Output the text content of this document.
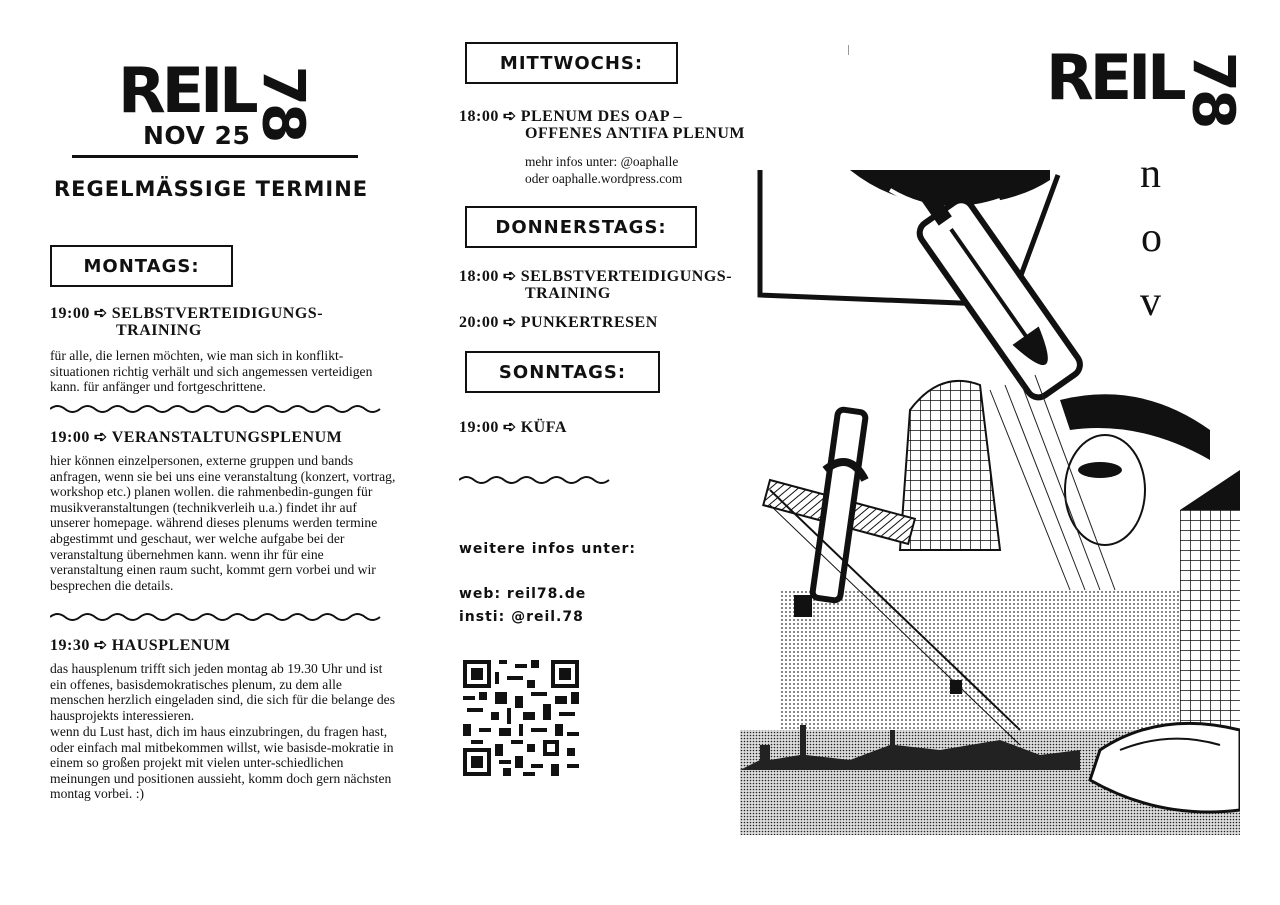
REIL
NOV 25 78
REGELMÄSSIGE TERMINE
MONTAGS:
19:00 ➪ SELBSTVERTEIDIGUNGS-
TRAINING
für alle, die lernen möchten, wie man sich in konflikt-situationen richtig verhält und sich angemessen verteidigen kann. für anfänger und fortgeschrittene.
19:00 ➪ VERANSTALTUNGSPLENUM
hier können einzelpersonen, externe gruppen und bands anfragen, wenn sie bei uns eine veranstaltung (konzert, vortrag, workshop etc.) planen wollen. die rahmenbedin-gungen für musikveranstaltungen (technikverleih u.a.) findet ihr auf unserer homepage. während dieses plenums werden termine abgestimmt und geschaut, wer welche aufgabe bei der veranstaltung übernehmen kann. wenn ihr für eine veranstaltung einen raum sucht, kommt gern vorbei und wir besprechen die details.
19:30 ➪ HAUSPLENUM
das hausplenum trifft sich jeden montag ab 19.30 Uhr und ist ein offenes, basisdemokratisches plenum, zu dem alle menschen herzlich eingeladen sind, die sich für die belange des hausprojekts interessieren.
wenn du Lust hast, dich im haus einzubringen, du fragen hast, oder einfach mal mitbekommen willst, wie basisde-mokratie in einem so großen projekt mit vielen unter-schiedlichen meinungen und positionen aussieht, komm doch gern nächsten montag vorbei. :)
MITTWOCHS:
18:00 ➪ PLENUM DES OAP –
OFFENES ANTIFA PLENUM
mehr infos unter: @oaphalle
oder oaphalle.wordpress.com
DONNERSTAGS:
18:00 ➪ SELBSTVERTEIDIGUNGS-
TRAINING
20:00 ➪ PUNKERTRESEN
SONNTAGS:
19:00 ➪ KÜFA
weitere infos unter:
web: reil78.de
insti: @reil.78
REIL
78
n
o
v
